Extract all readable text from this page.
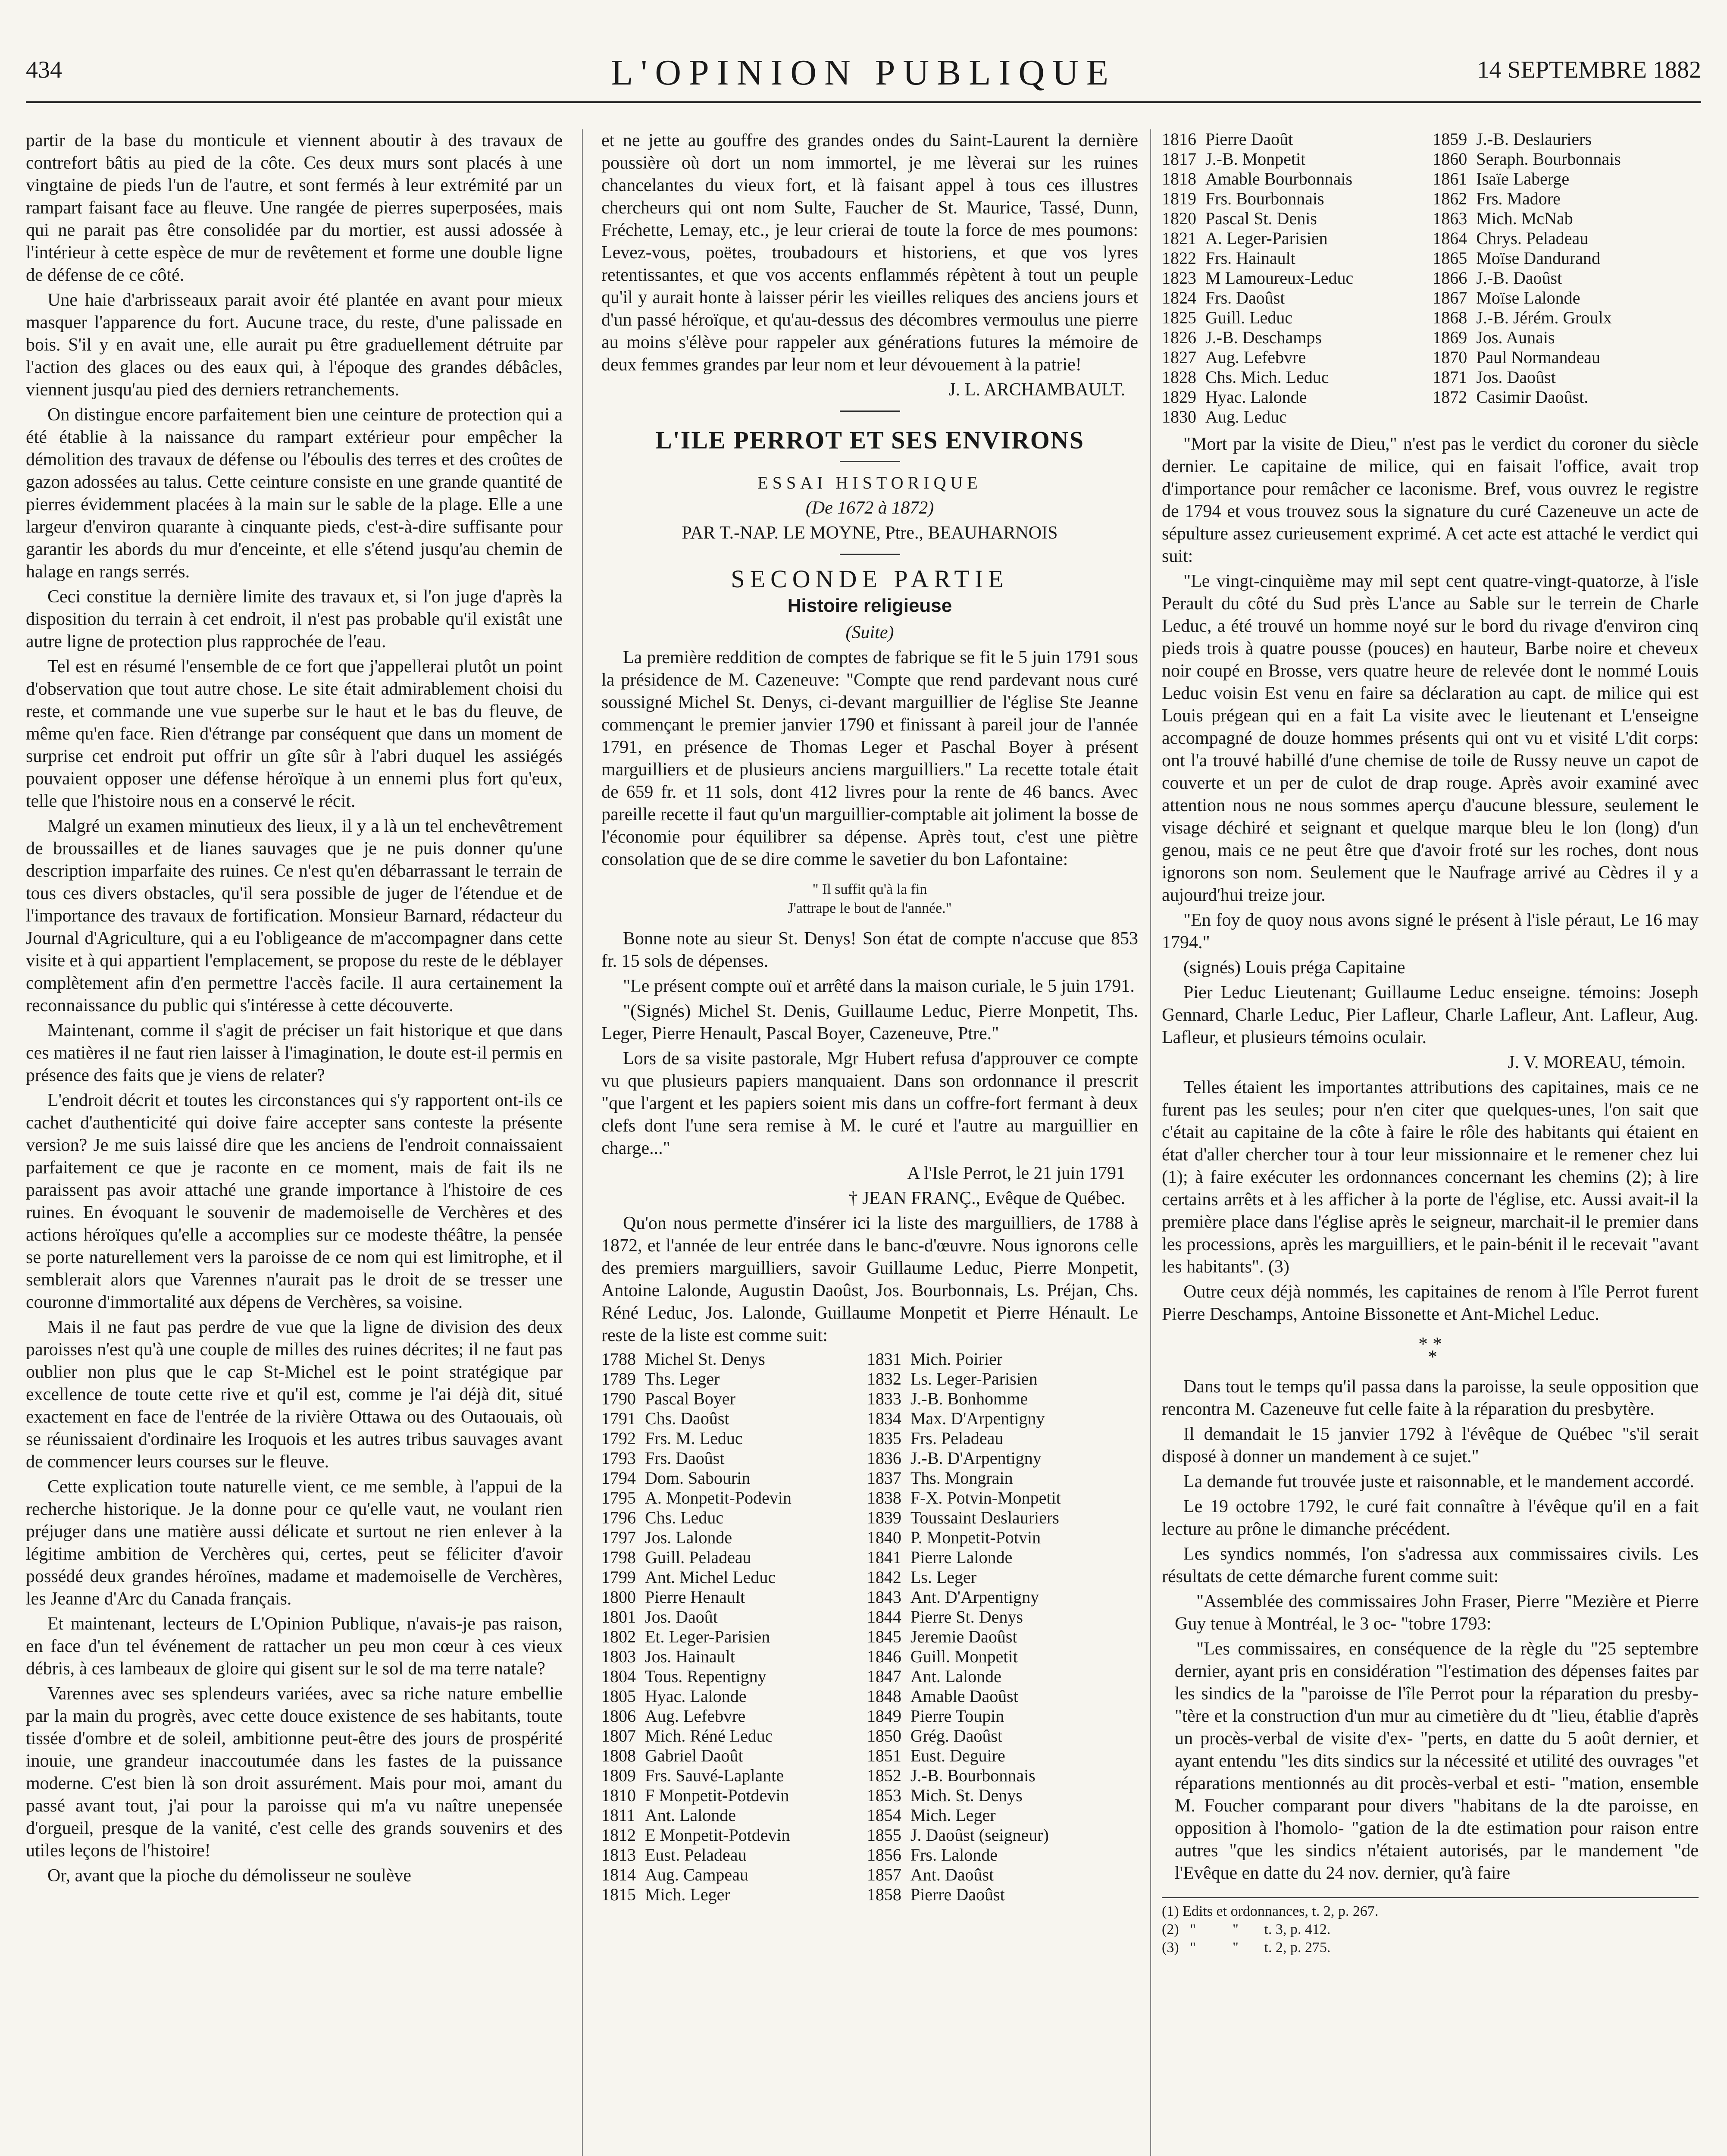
434	L'OPINION PUBLIQUE	14 SEPTEMBRE 1882

partir de la base du monticule et viennent aboutir à des travaux de contrefort bâtis au pied de la côte. Ces deux murs sont placés à une vingtaine de pieds l'un de l'autre, et sont fermés à leur extrémité par un rampart faisant face au fleuve. Une rangée de pierres superposées, mais qui ne parait pas être consolidée par du mortier, est aussi adossée à l'intérieur à cette espèce de mur de revêtement et forme une double ligne de défense de ce côté.

Une haie d'arbrisseaux parait avoir été plantée en avant pour mieux masquer l'apparence du fort. Aucune trace, du reste, d'une palissade en bois. S'il y en avait une, elle aurait pu être graduellement détruite par l'action des glaces ou des eaux qui, à l'époque des grandes débâcles, viennent jusqu'au pied des derniers retranchements.

On distingue encore parfaitement bien une ceinture de protection qui a été établie à la naissance du rampart extérieur pour empêcher la démolition des travaux de défense ou l'éboulis des terres et des croûtes de gazon adossées au talus. Cette ceinture consiste en une grande quantité de pierres évidemment placées à la main sur le sable de la plage. Elle a une largeur d'environ quarante à cinquante pieds, c'est-à-dire suffisante pour garantir les abords du mur d'enceinte, et elle s'étend jusqu'au chemin de halage en rangs serrés.

Ceci constitue la dernière limite des travaux et, si l'on juge d'après la disposition du terrain à cet endroit, il n'est pas probable qu'il existât une autre ligne de protection plus rapprochée de l'eau.

Tel est en résumé l'ensemble de ce fort que j'appellerai plutôt un point d'observation que tout autre chose. Le site était admirablement choisi du reste, et commande une vue superbe sur le haut et le bas du fleuve, de même qu'en face. Rien d'étrange par conséquent que dans un moment de surprise cet endroit put offrir un gîte sûr à l'abri duquel les assiégés pouvaient opposer une défense héroïque à un ennemi plus fort qu'eux, telle que l'histoire nous en a conservé le récit.

Malgré un examen minutieux des lieux, il y a là un tel enchevêtrement de broussailles et de lianes sauvages que je ne puis donner qu'une description imparfaite des ruines. Ce n'est qu'en débarrassant le terrain de tous ces divers obstacles, qu'il sera possible de juger de l'étendue et de l'importance des travaux de fortification. Monsieur Barnard, rédacteur du Journal d'Agriculture, qui a eu l'obligeance de m'accompagner dans cette visite et à qui appartient l'emplacement, se propose du reste de le déblayer complètement afin d'en permettre l'accès facile. Il aura certainement la reconnaissance du public qui s'intéresse à cette découverte.

Maintenant, comme il s'agit de préciser un fait historique et que dans ces matières il ne faut rien laisser à l'imagination, le doute est-il permis en présence des faits que je viens de relater?

L'endroit décrit et toutes les circonstances qui s'y rapportent ont-ils ce cachet d'authenticité qui doive faire accepter sans conteste la présente version? Je me suis laissé dire que les anciens de l'endroit connaissaient parfaitement ce que je raconte en ce moment, mais de fait ils ne paraissent pas avoir attaché une grande importance à l'histoire de ces ruines. En évoquant le souvenir de mademoiselle de Verchères et des actions héroïques qu'elle a accomplies sur ce modeste théâtre, la pensée se porte naturellement vers la paroisse de ce nom qui est limitrophe, et il semblerait alors que Varennes n'aurait pas le droit de se tresser une couronne d'immortalité aux dépens de Verchères, sa voisine.

Mais il ne faut pas perdre de vue que la ligne de division des deux paroisses n'est qu'à une couple de milles des ruines décrites; il ne faut pas oublier non plus que le cap St-Michel est le point stratégique par excellence de toute cette rive et qu'il est, comme je l'ai déjà dit, situé exactement en face de l'entrée de la rivière Ottawa ou des Outaouais, où se réunissaient d'ordinaire les Iroquois et les autres tribus sauvages avant de commencer leurs courses sur le fleuve.

Cette explication toute naturelle vient, ce me semble, à l'appui de la recherche historique. Je la donne pour ce qu'elle vaut, ne voulant rien préjuger dans une matière aussi délicate et surtout ne rien enlever à la légitime ambition de Verchères qui, certes, peut se féliciter d'avoir possédé deux grandes héroïnes, madame et mademoiselle de Verchères, les Jeanne d'Arc du Canada français.

Et maintenant, lecteurs de L'Opinion Publique, n'avais-je pas raison, en face d'un tel événement de rattacher un peu mon cœur à ces vieux débris, à ces lambeaux de gloire qui gisent sur le sol de ma terre natale?

Varennes avec ses splendeurs variées, avec sa riche nature embellie par la main du progrès, avec cette douce existence de ses habitants, toute tissée d'ombre et de soleil, ambitionne peut-être des jours de prospérité inouie, une grandeur inaccoutumée dans les fastes de la puissance moderne. C'est bien là son droit assurément. Mais pour moi, amant du passé avant tout, j'ai pour la paroisse qui m'a vu naître unepensée d'orgueil, presque de la vanité, c'est celle des grands souvenirs et des utiles leçons de l'histoire!

Or, avant que la pioche du démolisseur ne soulève

et ne jette au gouffre des grandes ondes du Saint-Laurent la dernière poussière où dort un nom immortel, je me lèverai sur les ruines chancelantes du vieux fort, et là faisant appel à tous ces illustres chercheurs qui ont nom Sulte, Faucher de St. Maurice, Tassé, Dunn, Fréchette, Lemay, etc., je leur crierai de toute la force de mes poumons: Levez-vous, poëtes, troubadours et historiens, et que vos lyres retentissantes, et que vos accents enflammés répètent à tout un peuple qu'il y aurait honte à laisser périr les vieilles reliques des anciens jours et d'un passé héroïque, et qu'au-dessus des décombres vermoulus une pierre au moins s'élève pour rappeler aux générations futures la mémoire de deux femmes grandes par leur nom et leur dévouement à la patrie!

J. L. ARCHAMBAULT.

L'ILE PERROT ET SES ENVIRONS

ESSAI HISTORIQUE

(De 1672 à 1872)

PAR T.-NAP. LE MOYNE, Ptre., BEAUHARNOIS

SECONDE PARTIE
Histoire religieuse

(Suite)

La première reddition de comptes de fabrique se fit le 5 juin 1791 sous la présidence de M. Cazeneuve: "Compte que rend pardevant nous curé soussigné Michel St. Denys, ci-devant marguillier de l'église Ste Jeanne commençant le premier janvier 1790 et finissant à pareil jour de l'année 1791, en présence de Thomas Leger et Paschal Boyer à présent marguilliers et de plusieurs anciens marguilliers." La recette totale était de 659 fr. et 11 sols, dont 412 livres pour la rente de 46 bancs. Avec pareille recette il faut qu'un marguillier-comptable ait joliment la bosse de l'économie pour équilibrer sa dépense. Après tout, c'est une piètre consolation que de se dire comme le savetier du bon Lafontaine:

" Il suffit qu'à la fin
J'attrape le bout de l'année."

Bonne note au sieur St. Denys! Son état de compte n'accuse que 853 fr. 15 sols de dépenses.

"Le présent compte ouï et arrêté dans la maison curiale, le 5 juin 1791.

"(Signés) Michel St. Denis, Guillaume Leduc, Pierre Monpetit, Ths. Leger, Pierre Henault, Pascal Boyer, Cazeneuve, Ptre."

Lors de sa visite pastorale, Mgr Hubert refusa d'approuver ce compte vu que plusieurs papiers manquaient. Dans son ordonnance il prescrit "que l'argent et les papiers soient mis dans un coffre-fort fermant à deux clefs dont l'une sera remise à M. le curé et l'autre au marguillier en charge..."

A l'Isle Perrot, le 21 juin 1791

† JEAN FRANÇ., Evêque de Québec.

Qu'on nous permette d'insérer ici la liste des marguilliers, de 1788 à 1872, et l'année de leur entrée dans le banc-d'œuvre. Nous ignorons celle des premiers marguilliers, savoir Guillaume Leduc, Pierre Monpetit, Antoine Lalonde, Augustin Daoûst, Jos. Bourbonnais, Ls. Préjan, Chs. Réné Leduc, Jos. Lalonde, Guillaume Monpetit et Pierre Hénault. Le reste de la liste est comme suit:

1788	Michel St. Denys	1831	Mich. Poirier
1789	Ths. Leger	1832	Ls. Leger-Parisien
1790	Pascal Boyer	1833	J.-B. Bonhomme
1791	Chs. Daoûst	1834	Max. D'Arpentigny
1792	Frs. M. Leduc	1835	Frs. Peladeau
1793	Frs. Daoûst	1836	J.-B. D'Arpentigny
1794	Dom. Sabourin	1837	Ths. Mongrain
1795	A. Monpetit-Podevin	1838	F-X. Potvin-Monpetit
1796	Chs. Leduc	1839	Toussaint Deslauriers
1797	Jos. Lalonde	1840	P. Monpetit-Potvin
1798	Guill. Peladeau	1841	Pierre Lalonde
1799	Ant. Michel Leduc	1842	Ls. Leger
1800	Pierre Henault	1843	Ant. D'Arpentigny
1801	Jos. Daoût	1844	Pierre St. Denys
1802	Et. Leger-Parisien	1845	Jeremie Daoûst
1803	Jos. Hainault	1846	Guill. Monpetit
1804	Tous. Repentigny	1847	Ant. Lalonde
1805	Hyac. Lalonde	1848	Amable Daoûst
1806	Aug. Lefebvre	1849	Pierre Toupin
1807	Mich. Réné Leduc	1850	Grég. Daoûst
1808	Gabriel Daoût	1851	Eust. Deguire
1809	Frs. Sauvé-Laplante	1852	J.-B. Bourbonnais
1810	F Monpetit-Potdevin	1853	Mich. St. Denys
1811	Ant. Lalonde	1854	Mich. Leger
1812	E Monpetit-Potdevin	1855	J. Daoûst (seigneur)
1813	Eust. Peladeau	1856	Frs. Lalonde
1814	Aug. Campeau	1857	Ant. Daoûst
1815	Mich. Leger	1858	Pierre Daoûst
1816	Pierre Daoût	1859	J.-B. Deslauriers
1817	J.-B. Monpetit	1860	Seraph. Bourbonnais
1818	Amable Bourbonnais	1861	Isaïe Laberge
1819	Frs. Bourbonnais	1862	Frs. Madore
1820	Pascal St. Denis	1863	Mich. McNab
1821	A. Leger-Parisien	1864	Chrys. Peladeau
1822	Frs. Hainault	1865	Moïse Dandurand
1823	M Lamoureux-Leduc	1866	J.-B. Daoûst
1824	Frs. Daoûst	1867	Moïse Lalonde
1825	Guill. Leduc	1868	J.-B. Jérém. Groulx
1826	J.-B. Deschamps	1869	Jos. Aunais
1827	Aug. Lefebvre	1870	Paul Normandeau
1828	Chs. Mich. Leduc	1871	Jos. Daoûst
1829	Hyac. Lalonde	1872	Casimir Daoûst.
1830	Aug. Leduc		

"Mort par la visite de Dieu," n'est pas le verdict du coroner du siècle dernier. Le capitaine de milice, qui en faisait l'office, avait trop d'importance pour remâcher ce laconisme. Bref, vous ouvrez le registre de 1794 et vous trouvez sous la signature du curé Cazeneuve un acte de sépulture assez curieusement exprimé. A cet acte est attaché le verdict qui suit:

"Le vingt-cinquième may mil sept cent quatre-vingt-quatorze, à l'isle Perault du côté du Sud près L'ance au Sable sur le terrein de Charle Leduc, a été trouvé un homme noyé sur le bord du rivage d'environ cinq pieds trois à quatre pousse (pouces) en hauteur, Barbe noire et cheveux noir coupé en Brosse, vers quatre heure de relevée dont le nommé Louis Leduc voisin Est venu en faire sa déclaration au capt. de milice qui est Louis prégean qui en a fait La visite avec le lieutenant et L'enseigne accompagné de douze hommes présents qui ont vu et visité L'dit corps: ont l'a trouvé habillé d'une chemise de toile de Russy neuve un capot de couverte et un per de culot de drap rouge. Après avoir examiné avec attention nous ne nous sommes aperçu d'aucune blessure, seulement le visage déchiré et seignant et quelque marque bleu le lon (long) d'un genou, mais ce ne peut être que d'avoir froté sur les roches, dont nous ignorons son nom. Seulement que le Naufrage arrivé au Cèdres il y a aujourd'hui treize jour.

"En foy de quoy nous avons signé le présent à l'isle péraut, Le 16 may 1794."

(signés) Louis préga Capitaine

Pier Leduc Lieutenant; Guillaume Leduc enseigne. témoins: Joseph Gennard, Charle Leduc, Pier Lafleur, Charle Lafleur, Ant. Lafleur, Aug. Lafleur, et plusieurs témoins oculair.

J. V. MOREAU, témoin.

Telles étaient les importantes attributions des capitaines, mais ce ne furent pas les seules; pour n'en citer que quelques-unes, l'on sait que c'était au capitaine de la côte à faire le rôle des habitants qui étaient en état d'aller chercher tour à tour leur missionnaire et le remener chez lui (1); à faire exécuter les ordonnances concernant les chemins (2); à lire certains arrêts et à les afficher à la porte de l'église, etc. Aussi avait-il la première place dans l'église après le seigneur, marchait-il le premier dans les processions, après les marguilliers, et le pain-bénit il le recevait "avant les habitants". (3)

Outre ceux déjà nommés, les capitaines de renom à l'île Perrot furent Pierre Deschamps, Antoine Bissonette et Ant-Michel Leduc.

* *
*

Dans tout le temps qu'il passa dans la paroisse, la seule opposition que rencontra M. Cazeneuve fut celle faite à la réparation du presbytère.

Il demandait le 15 janvier 1792 à l'évêque de Québec "s'il serait disposé à donner un mandement à ce sujet."

La demande fut trouvée juste et raisonnable, et le mandement accordé.

Le 19 octobre 1792, le curé fait connaître à l'évêque qu'il en a fait lecture au prône le dimanche précédent.

Les syndics nommés, l'on s'adressa aux commissaires civils. Les résultats de cette démarche furent comme suit:

"Assemblée des commissaires John Fraser, Pierre "Mezière et Pierre Guy tenue à Montréal, le 3 oc- "tobre 1793:

"Les commissaires, en conséquence de la règle du "25 septembre dernier, ayant pris en considération "l'estimation des dépenses faites par les sindics de la "paroisse de l'île Perrot pour la réparation du presby- "tère et la construction d'un mur au cimetière du dt "lieu, établie d'après un procès-verbal de visite d'ex- "perts, en datte du 5 août dernier, et ayant entendu "les dits sindics sur la nécessité et utilité des ouvrages "et réparations mentionnés au dit procès-verbal et esti- "mation, ensemble M. Foucher comparant pour divers "habitans de la dte paroisse, en opposition à l'homolo- "gation de la dte estimation pour raison entre autres "que les sindics n'étaient autorisés, par le mandement "de l'Evêque en datte du 24 nov. dernier, qu'à faire

(1) Edits et ordonnances, t. 2, p. 267.
(2)   "          "       t. 3, p. 412.
(3)   "          "       t. 2, p. 275.
